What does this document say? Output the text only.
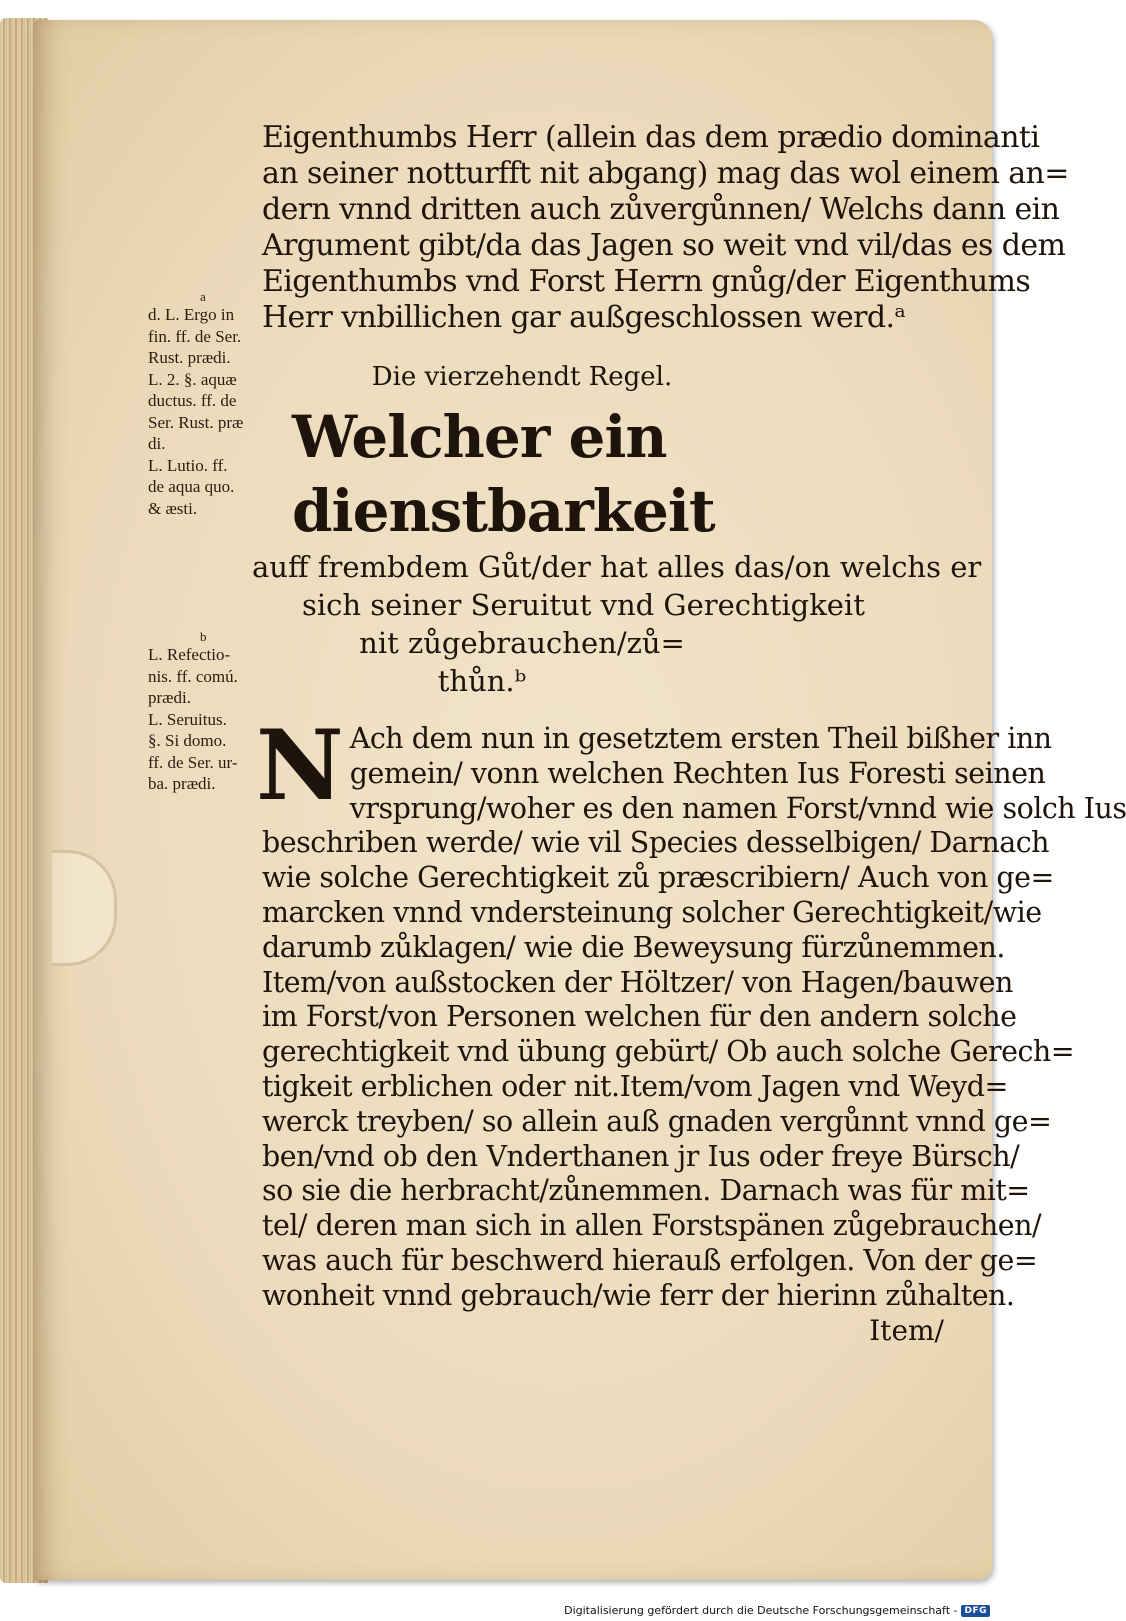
a
d. L. Ergo in
fin. ff. de Ser.
Rust. prædi.
L. 2. §. aquæ
ductus. ff. de
Ser. Rust. præ
di.
L. Lutio. ff.
de aqua quo.
& æsti.
b
L. Refectio-
nis. ff. comú.
prædi.
L. Seruitus.
§. Si domo.
ff. de Ser. ur-
ba. prædi.
Eigenthumbs Herr (allein das dem prædio dominanti
an seiner notturfft nit abgang) mag das wol einem an=
dern vnnd dritten auch zůvergůnnen/ Welchs dann ein
Argument gibt/da das Jagen so weit vnd vil/das es dem
Eigenthumbs vnd Forst Herrn gnůg/der Eigenthums
Herr vnbillichen gar außgeschlossen werd.ᵃ
Die vierzehendt Regel.
Welcher ein dienstbarkeit
auff frembdem Gůt/der hat alles das/on welchs er
sich seiner Seruitut vnd Gerechtigkeit
nit zůgebrauchen/zů=
thůn.ᵇ
N Ach dem nun in gesetztem ersten Theil bißher inn
gemein/ vonn welchen Rechten Ius Foresti seinen
vrsprung/woher es den namen Forst/vnnd wie solch Ius
beschriben werde/ wie vil Species desselbigen/ Darnach
wie solche Gerechtigkeit zů præscribiern/ Auch von ge=
marcken vnnd vndersteinung solcher Gerechtigkeit/wie
darumb zůklagen/ wie die Beweysung fürzůnemmen.
Item/von außstocken der Höltzer/ von Hagen/bauwen
im Forst/von Personen welchen für den andern solche
gerechtigkeit vnd übung gebürt/ Ob auch solche Gerech=
tigkeit erblichen oder nit.Item/vom Jagen vnd Weyd=
werck treyben/ so allein auß gnaden vergůnnt vnnd ge=
ben/vnd ob den Vnderthanen jr Ius oder freye Bürsch/
so sie die herbracht/zůnemmen. Darnach was für mit=
tel/ deren man sich in allen Forstspänen zůgebrauchen/
was auch für beschwerd hierauß erfolgen. Von der ge=
wonheit vnnd gebrauch/wie ferr der hierinn zůhalten.
Item/
Digitalisierung gefördert durch die Deutsche Forschungsgemeinschaft - DFG
